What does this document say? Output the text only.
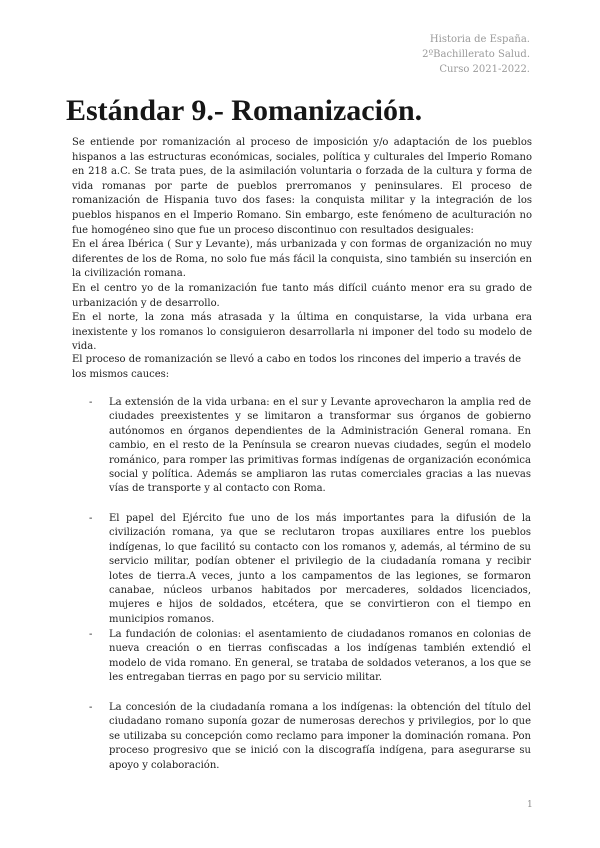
Historia de España.
2ºBachillerato Salud.
Curso 2021-2022.
Estándar 9.- Romanización.

Se entiende por romanización al proceso de imposición y/o adaptación de los pueblos hispanos a las estructuras económicas, sociales, política y culturales del Imperio Romano en 218 a.C. Se trata pues, de la asimilación voluntaria o forzada de la cultura y forma de vida romanas por parte de pueblos prerromanos y peninsulares. El proceso de romanización de Hispania tuvo dos fases: la conquista militar y la integración de los pueblos hispanos en el Imperio Romano. Sin embargo, este fenómeno de aculturación no fue homogéneo sino que fue un proceso discontinuo con resultados desiguales:

En el área Ibérica ( Sur y Levante), más urbanizada y con formas de organización no muy diferentes de los de Roma, no solo fue más fácil la conquista, sino también su inserción en la civilización romana.

En el centro yo de la romanización fue tanto más difícil cuánto menor era su grado de urbanización y de desarrollo.

En el norte, la zona más atrasada y la última en conquistarse, la vida urbana era inexistente y los romanos lo consiguieron desarrollarla ni imponer del todo su modelo de vida.

El proceso de romanización se llevó a cabo en todos los rincones del imperio a través de los mismos cauces:

- La extensión de la vida urbana: en el sur y Levante aprovecharon la amplia red de ciudades preexistentes y se limitaron a transformar sus órganos de gobierno autónomos en órganos dependientes de la Administración General romana. En cambio, en el resto de la Península se crearon nuevas ciudades, según el modelo románico, para romper las primitivas formas indígenas de organización económica social y política. Además se ampliaron las rutas comerciales gracias a las nuevas vías de transporte y al contacto con Roma.
- El papel del Ejército fue uno de los más importantes para la difusión de la civilización romana, ya que se reclutaron tropas auxiliares entre los pueblos indígenas, lo que facilitó su contacto con los romanos y, además, al término de su servicio militar, podían obtener el privilegio de la ciudadanía romana y recibir lotes de tierra.A veces, junto a los campamentos de las legiones, se formaron canabae, núcleos urbanos habitados por mercaderes, soldados licenciados, mujeres e hijos de soldados, etcétera, que se convirtieron con el tiempo en municipios romanos.
- La fundación de colonias: el asentamiento de ciudadanos romanos en colonias de nueva creación o en tierras confiscadas a los indígenas también extendió el modelo de vida romano. En general, se trataba de soldados veteranos, a los que se les entregaban tierras en pago por su servicio militar.
- La concesión de la ciudadanía romana a los indígenas: la obtención del título del ciudadano romano suponía gozar de numerosas derechos y privilegios, por lo que se utilizaba su concepción como reclamo para imponer la dominación romana. Pon proceso progresivo que se inició con la discografía indígena, para asegurarse su apoyo y colaboración.
1
